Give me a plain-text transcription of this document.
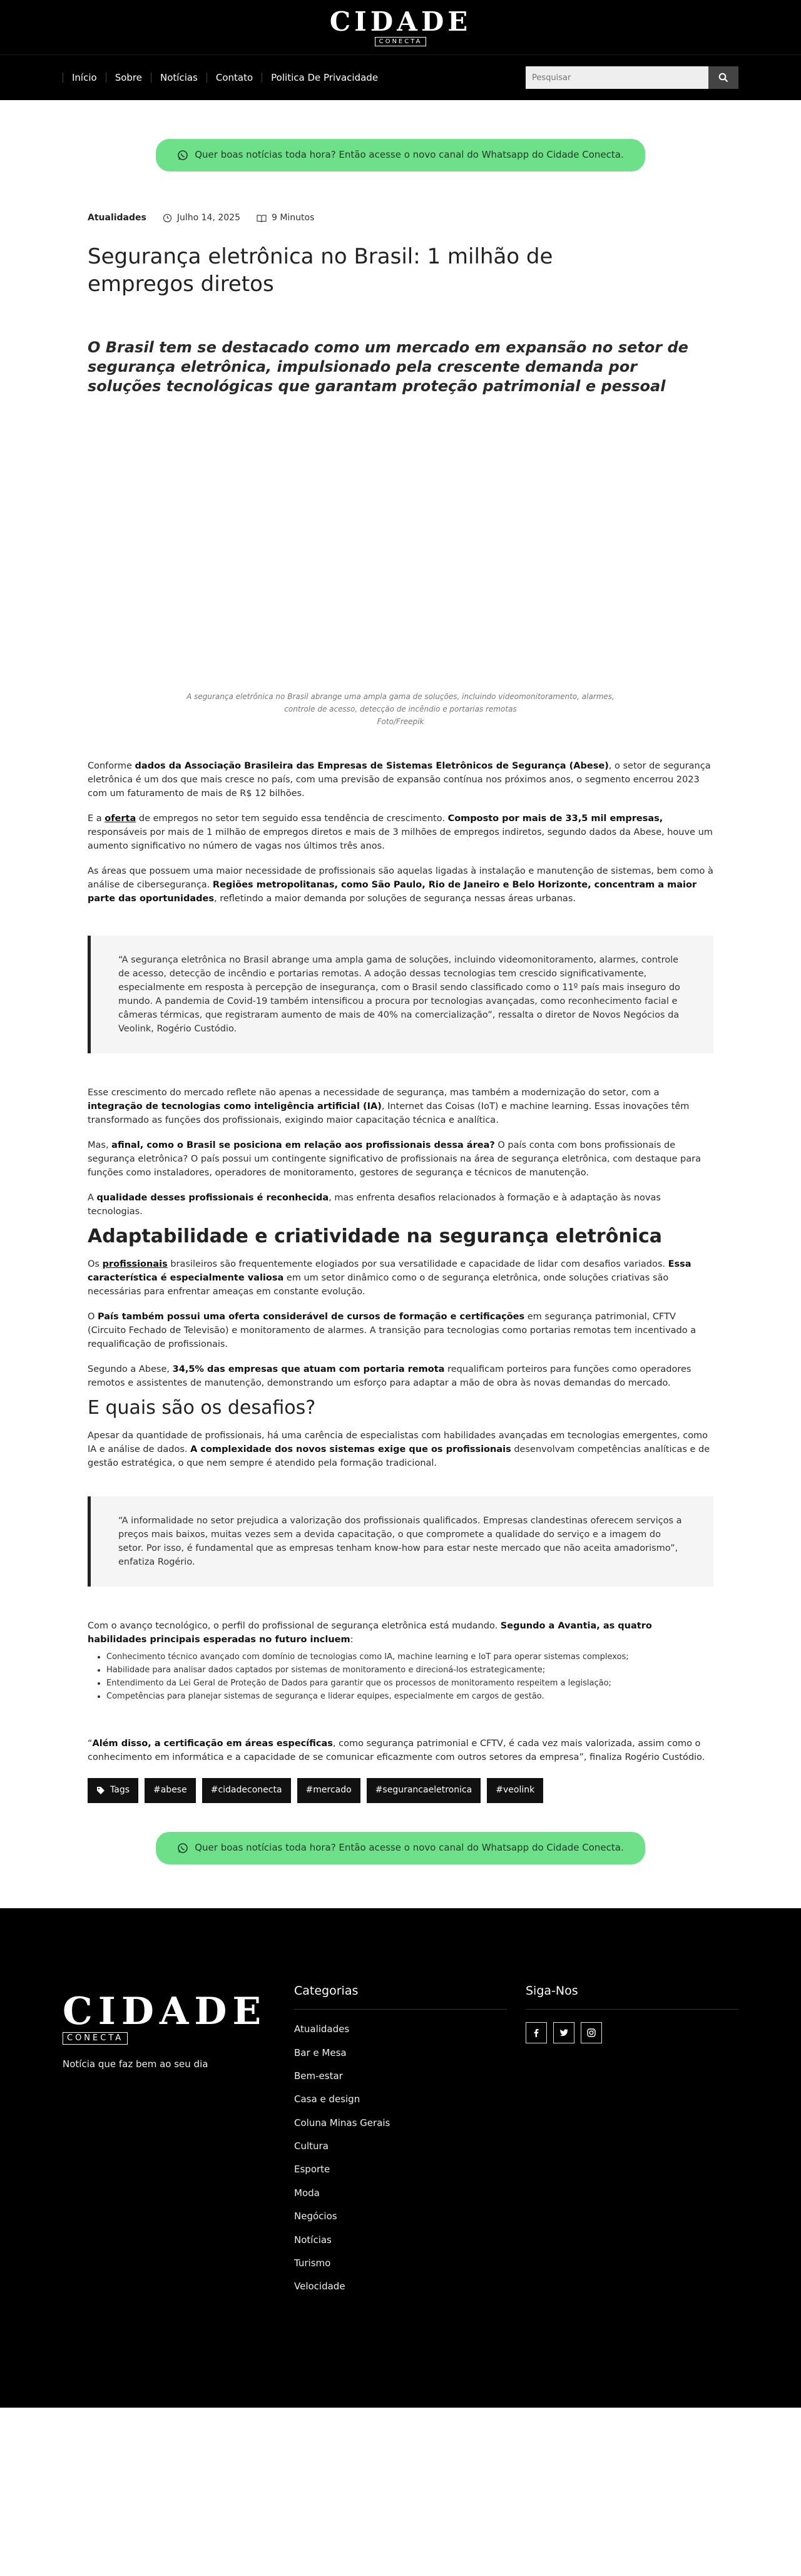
CIDADE
CONECTA
Início	Sobre	Notícias	Contato	Politica De Privacidade
Pesquisar
Quer boas notícias toda hora? Então acesse o novo canal do Whatsapp do Cidade Conecta.
Atualidades	Julho 14, 2025	9 Minutos
Segurança eletrônica no Brasil: 1 milhão de empregos diretos

O Brasil tem se destacado como um mercado em expansão no setor de segurança eletrônica, impulsionado pela crescente demanda por soluções tecnológicas que garantam proteção patrimonial e pessoal

A segurança eletrônica no Brasil abrange uma ampla gama de soluções, incluindo videomonitoramento, alarmes,
controle de acesso, detecção de incêndio e portarias remotas
Foto/Freepik

Conforme dados da Associação Brasileira das Empresas de Sistemas Eletrônicos de Segurança (Abese), o setor de segurança eletrônica é um dos que mais cresce no país, com uma previsão de expansão contínua nos próximos anos, o segmento encerrou 2023 com um faturamento de mais de R$ 12 bilhões.

E a oferta de empregos no setor tem seguido essa tendência de crescimento. Composto por mais de 33,5 mil empresas, responsáveis por mais de 1 milhão de empregos diretos e mais de 3 milhões de empregos indiretos, segundo dados da Abese, houve um aumento significativo no número de vagas nos últimos três anos.

As áreas que possuem uma maior necessidade de profissionais são aquelas ligadas à instalação e manutenção de sistemas, bem como à análise de cibersegurança. Regiões metropolitanas, como São Paulo, Rio de Janeiro e Belo Horizonte, concentram a maior parte das oportunidades, refletindo a maior demanda por soluções de segurança nessas áreas urbanas.

“A segurança eletrônica no Brasil abrange uma ampla gama de soluções, incluindo videomonitoramento, alarmes, controle de acesso, detecção de incêndio e portarias remotas. A adoção dessas tecnologias tem crescido significativamente, especialmente em resposta à percepção de insegurança, com o Brasil sendo classificado como o 11º país mais inseguro do mundo. A pandemia de Covid-19 também intensificou a procura por tecnologias avançadas, como reconhecimento facial e câmeras térmicas, que registraram aumento de mais de 40% na comercialização”, ressalta o diretor de Novos Negócios da Veolink, Rogério Custódio.

Esse crescimento do mercado reflete não apenas a necessidade de segurança, mas também a modernização do setor, com a integração de tecnologias como inteligência artificial (IA), Internet das Coisas (IoT) e machine learning. Essas inovações têm transformado as funções dos profissionais, exigindo maior capacitação técnica e analítica.

Mas, afinal, como o Brasil se posiciona em relação aos profissionais dessa área? O país conta com bons profissionais de segurança eletrônica? O país possui um contingente significativo de profissionais na área de segurança eletrônica, com destaque para funções como instaladores, operadores de monitoramento, gestores de segurança e técnicos de manutenção.

A qualidade desses profissionais é reconhecida, mas enfrenta desafios relacionados à formação e à adaptação às novas tecnologias.

Adaptabilidade e criatividade na segurança eletrônica

Os profissionais brasileiros são frequentemente elogiados por sua versatilidade e capacidade de lidar com desafios variados. Essa característica é especialmente valiosa em um setor dinâmico como o de segurança eletrônica, onde soluções criativas são necessárias para enfrentar ameaças em constante evolução.

O País também possui uma oferta considerável de cursos de formação e certificações em segurança patrimonial, CFTV (Circuito Fechado de Televisão) e monitoramento de alarmes. A transição para tecnologias como portarias remotas tem incentivado a requalificação de profissionais.

Segundo a Abese, 34,5% das empresas que atuam com portaria remota requalificam porteiros para funções como operadores remotos e assistentes de manutenção, demonstrando um esforço para adaptar a mão de obra às novas demandas do mercado.

E quais são os desafios?

Apesar da quantidade de profissionais, há uma carência de especialistas com habilidades avançadas em tecnologias emergentes, como IA e análise de dados. A complexidade dos novos sistemas exige que os profissionais desenvolvam competências analíticas e de gestão estratégica, o que nem sempre é atendido pela formação tradicional.

“A informalidade no setor prejudica a valorização dos profissionais qualificados. Empresas clandestinas oferecem serviços a preços mais baixos, muitas vezes sem a devida capacitação, o que compromete a qualidade do serviço e a imagem do setor. Por isso, é fundamental que as empresas tenham know-how para estar neste mercado que não aceita amadorismo”, enfatiza Rogério.

Com o avanço tecnológico, o perfil do profissional de segurança eletrônica está mudando. Segundo a Avantia, as quatro habilidades principais esperadas no futuro incluem:

• Conhecimento técnico avançado com domínio de tecnologias como IA, machine learning e IoT para operar sistemas complexos;
• Habilidade para analisar dados captados por sistemas de monitoramento e direcioná-los estrategicamente;
• Entendimento da Lei Geral de Proteção de Dados para garantir que os processos de monitoramento respeitem a legislação;
• Competências para planejar sistemas de segurança e liderar equipes, especialmente em cargos de gestão.

“Além disso, a certificação em áreas específicas, como segurança patrimonial e CFTV, é cada vez mais valorizada, assim como o conhecimento em informática e a capacidade de se comunicar eficazmente com outros setores da empresa”, finaliza Rogério Custódio.

Tags	#abese	#cidadeconecta	#mercado	#segurancaeletronica	#veolink
Quer boas notícias toda hora? Então acesse o novo canal do Whatsapp do Cidade Conecta.
CIDADE
CONECTA
Notícia que faz bem ao seu dia
Categorias
Atualidades
Bar e Mesa
Bem-estar
Casa e design
Coluna Minas Gerais
Cultura
Esporte
Moda
Negócios
Notícias
Turismo
Velocidade
Siga-Nos
